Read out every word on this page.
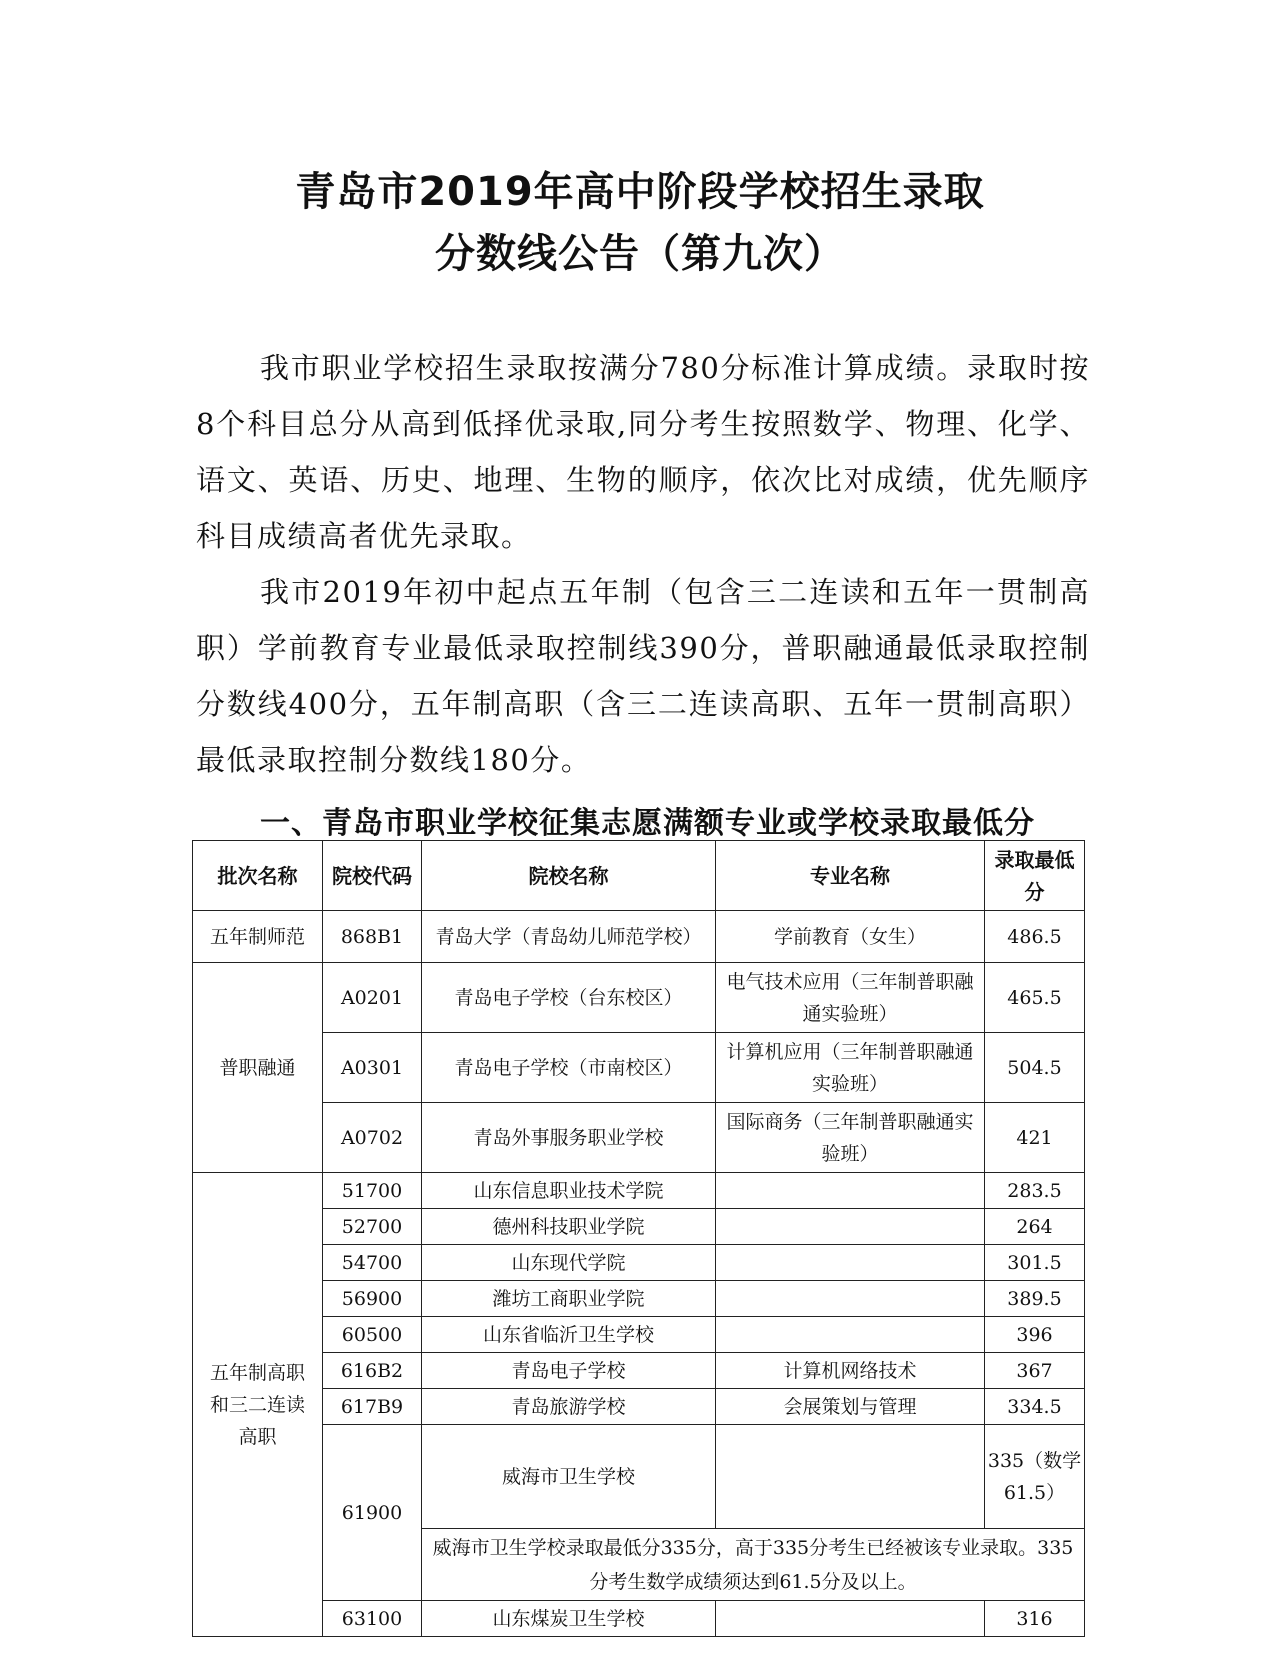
青岛市2019年高中阶段学校招生录取
分数线公告（第九次）

我市职业学校招生录取按满分780分标准计算成绩。录取时按8个科目总分从高到低择优录取,同分考生按照数学、物理、化学、语文、英语、历史、地理、生物的顺序，依次比对成绩，优先顺序科目成绩高者优先录取。

我市2019年初中起点五年制（包含三二连读和五年一贯制高职）学前教育专业最低录取控制线390分，普职融通最低录取控制分数线400分，五年制高职（含三二连读高职、五年一贯制高职）最低录取控制分数线180分。

一、青岛市职业学校征集志愿满额专业或学校录取最低分
批次名称	院校代码	院校名称	专业名称	录取最低分
五年制师范	868B1	青岛大学（青岛幼儿师范学校）	学前教育（女生）	486.5
普职融通	A0201	青岛电子学校（台东校区）	电气技术应用（三年制普职融通实验班）	465.5
	A0301	青岛电子学校（市南校区）	计算机应用（三年制普职融通实验班）	504.5
	A0702	青岛外事服务职业学校	国际商务（三年制普职融通实验班）	421
五年制高职和三二连读高职	51700	山东信息职业技术学院		283.5
	52700	德州科技职业学院		264
	54700	山东现代学院		301.5
	56900	潍坊工商职业学院		389.5
	60500	山东省临沂卫生学校		396
	616B2	青岛电子学校	计算机网络技术	367
	617B9	青岛旅游学校	会展策划与管理	334.5
	61900	威海市卫生学校		335（数学61.5）
		威海市卫生学校录取最低分335分，高于335分考生已经被该专业录取。335分考生数学成绩须达到61.5分及以上。		
	63100	山东煤炭卫生学校		316
